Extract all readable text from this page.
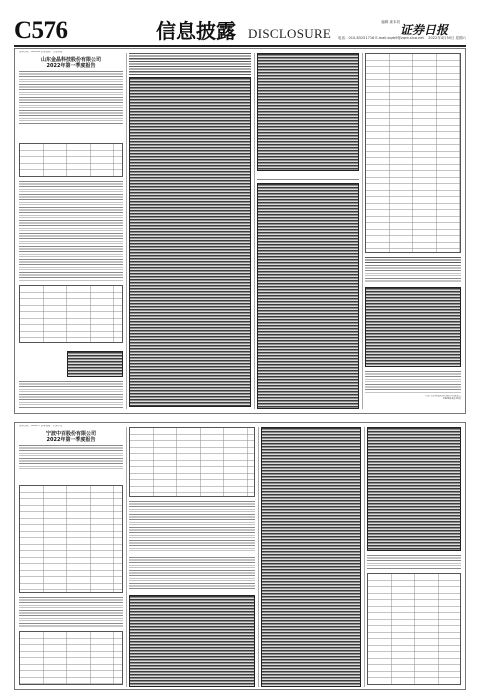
C576	信息披露 DISCLOSURE
编辑 姜本初
证券日报
电话：010-83251716 E-mail:zqrb9@zqrb.sina.net 2022年4月30日 星期六
证券代码：600586 证券简称：金晶科技
山东金晶科技股份有限公司
2022年第一季度报告
山东金晶科技股份有限公司董事会
2022年4月29日
证券代码：600857 证券简称：宁波中百
宁波中百股份有限公司
2022年第一季度报告
